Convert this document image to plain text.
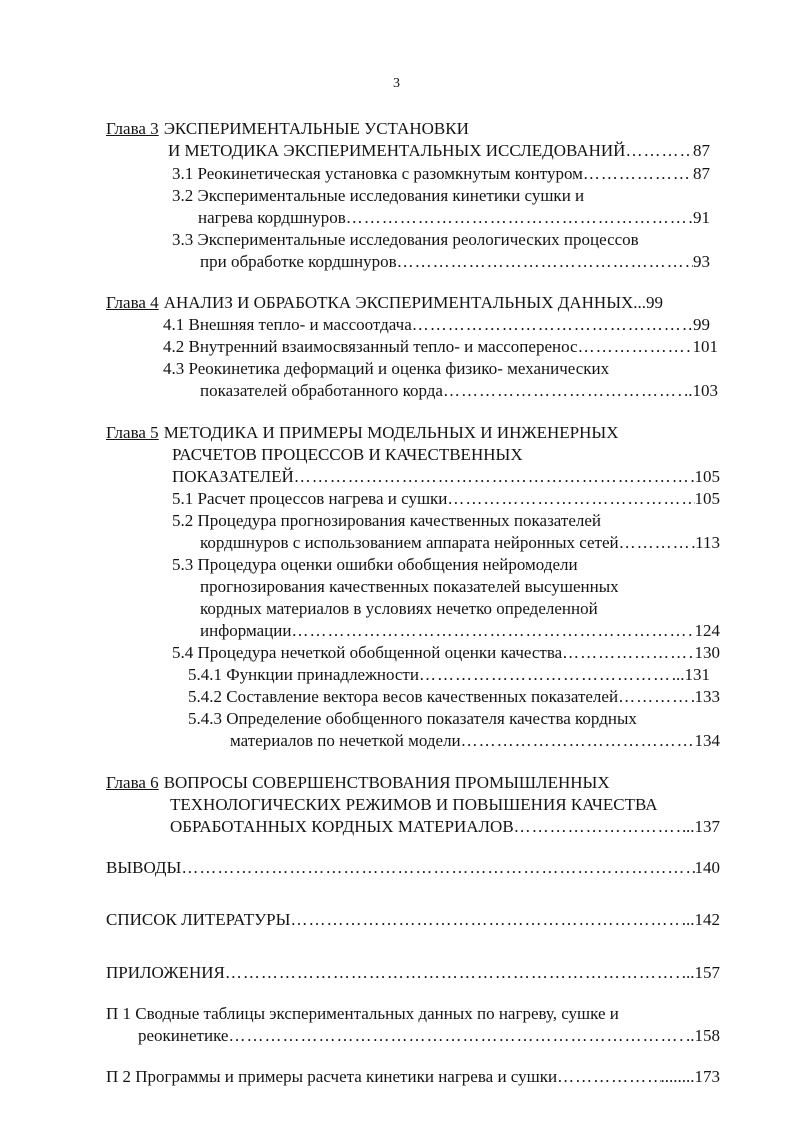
3
Глава 3 ЭКСПЕРИМЕНТАЛЬНЫЕ УСТАНОВКИ
И МЕТОДИКА ЭКСПЕРИМЕНТАЛЬНЫХ ИССЛЕДОВАНИЙ ……………………………………………………………………………………………………………………………………………………………………………………………………………………………………	87
3.1 Реокинетическая установка с разомкнутым контуром ……………………………………………………………………………………………………………………………………………………………………………………………………………………………………	87
3.2 Экспериментальные исследования кинетики сушки и
нагрева кордшнуров ……………………………………………………………………………………………………………………………………………………………………………………………………………………………………	91
3.3 Экспериментальные исследования реологических процессов
при обработке кордшнуров ……………………………………………………………………………………………………………………………………………………………………………………………………………………………………	93
Глава 4 АНАЛИЗ И ОБРАБОТКА ЭКСПЕРИМЕНТАЛЬНЫХ ДАННЫХ ...99
4.1 Внешняя тепло- и массоотдача ……………………………………………………………………………………………………………………………………………………………………………………………………………………………………	99
4.2 Внутренний взаимосвязанный тепло- и массоперенос ……………………………………………………………………………………………………………………………………………………………………………………………………………………………………	101
4.3 Реокинетика деформаций и оценка физико- механических
показателей обработанного корда ……………………………………………………………………………………………………………………………………………………………………………………………………………………………………	..103
Глава 5 МЕТОДИКА И ПРИМЕРЫ МОДЕЛЬНЫХ И ИНЖЕНЕРНЫХ
РАСЧЕТОВ ПРОЦЕССОВ И КАЧЕСТВЕННЫХ
ПОКАЗАТЕЛЕЙ ……………………………………………………………………………………………………………………………………………………………………………………………………………………………………	105
5.1 Расчет процессов нагрева и сушки ……………………………………………………………………………………………………………………………………………………………………………………………………………………………………	105
5.2 Процедура прогнозирования качественных показателей
кордшнуров с использованием аппарата нейронных сетей ……………………………………………………………………………………………………………………………………………………………………………………………………………………………………	113
5.3 Процедура оценки ошибки обобщения нейромодели
прогнозирования качественных показателей высушенных
кордных материалов в условиях нечетко определенной
информации ……………………………………………………………………………………………………………………………………………………………………………………………………………………………………	124
5.4 Процедура нечеткой обобщенной оценки качества ……………………………………………………………………………………………………………………………………………………………………………………………………………………………………	130
5.4.1 Функции принадлежности ……………………………………………………………………………………………………………………………………………………………………………………………………………………………………	...131
5.4.2 Составление вектора весов качественных показателей ……………………………………………………………………………………………………………………………………………………………………………………………………………………………………	133
5.4.3 Определение обобщенного показателя качества кордных
материалов по нечеткой модели ……………………………………………………………………………………………………………………………………………………………………………………………………………………………………	134
Глава 6 ВОПРОСЫ СОВЕРШЕНСТВОВАНИЯ ПРОМЫШЛЕННЫХ
ТЕХНОЛОГИЧЕСКИХ РЕЖИМОВ И ПОВЫШЕНИЯ КАЧЕСТВА
ОБРАБОТАННЫХ КОРДНЫХ МАТЕРИАЛОВ ……………………………………………………………………………………………………………………………………………………………………………………………………………………………………	..137
ВЫВОДЫ ……………………………………………………………………………………………………………………………………………………………………………………………………………………………………	140
СПИСОК ЛИТЕРАТУРЫ ……………………………………………………………………………………………………………………………………………………………………………………………………………………………………	...142
ПРИЛОЖЕНИЯ ……………………………………………………………………………………………………………………………………………………………………………………………………………………………………	...157
П 1 Сводные таблицы экспериментальных данных по нагреву, сушке и
реокинетике ……………………………………………………………………………………………………………………………………………………………………………………………………………………………………	..158
П 2 Программы и примеры расчета кинетики нагрева и сушки ……………………………………………………………………………………………………………………………………………………………………………………………………………………………………	........173
